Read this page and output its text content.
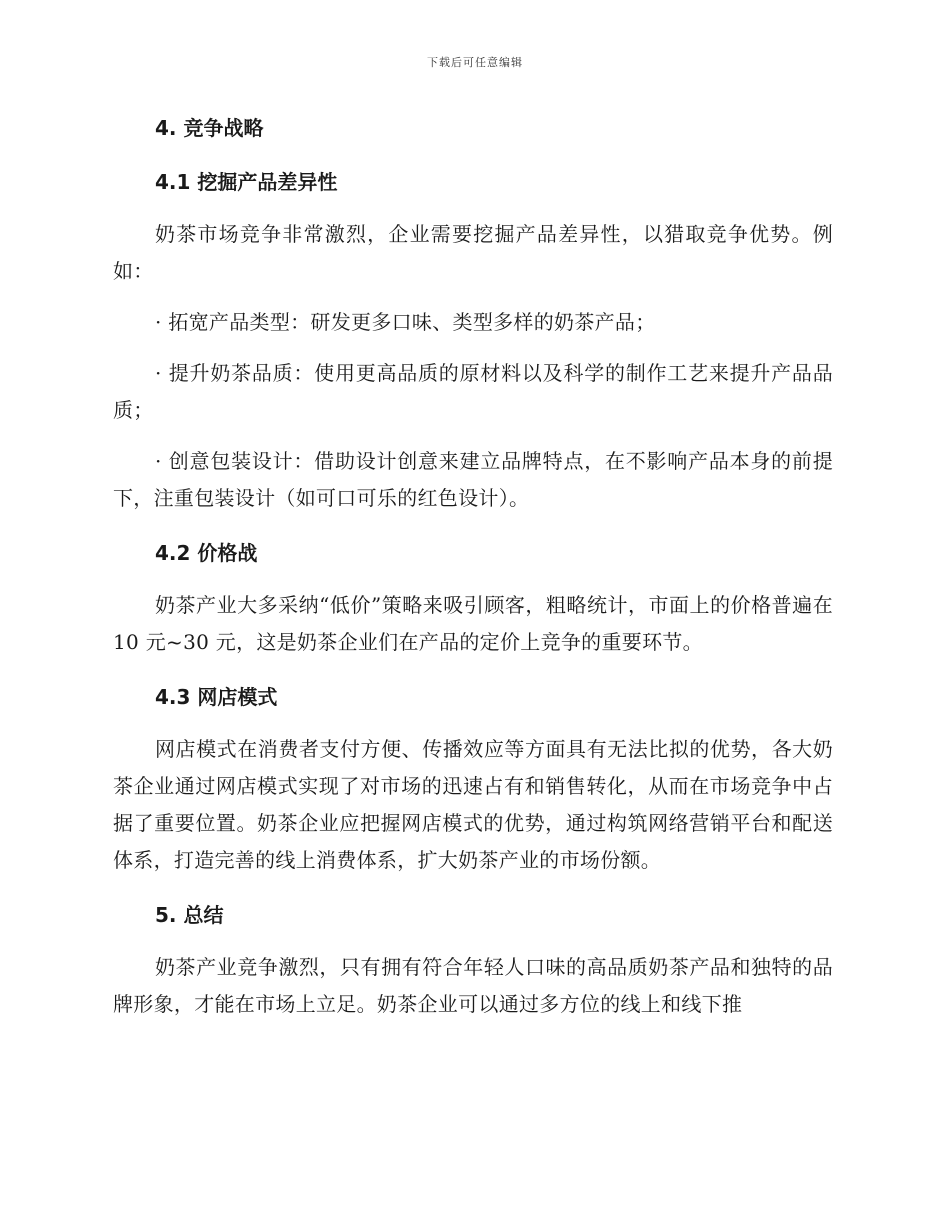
下载后可任意编辑
4. 竞争战略
4.1 挖掘产品差异性

奶茶市场竞争非常激烈，企业需要挖掘产品差异性，以猎取竞争优势。例如：

· 拓宽产品类型：研发更多口味、类型多样的奶茶产品；

· 提升奶茶品质：使用更高品质的原材料以及科学的制作工艺来提升产品品质；

· 创意包装设计：借助设计创意来建立品牌特点，在不影响产品本身的前提下，注重包装设计（如可口可乐的红色设计）。

4.2 价格战

奶茶产业大多采纳“低价”策略来吸引顾客，粗略统计，市面上的价格普遍在 10 元~30 元，这是奶茶企业们在产品的定价上竞争的重要环节。

4.3 网店模式

网店模式在消费者支付方便、传播效应等方面具有无法比拟的优势，各大奶茶企业通过网店模式实现了对市场的迅速占有和销售转化，从而在市场竞争中占据了重要位置。奶茶企业应把握网店模式的优势，通过构筑网络营销平台和配送体系，打造完善的线上消费体系，扩大奶茶产业的市场份额。

5. 总结

奶茶产业竞争激烈，只有拥有符合年轻人口味的高品质奶茶产品和独特的品牌形象，才能在市场上立足。奶茶企业可以通过多方位的线上和线下推
